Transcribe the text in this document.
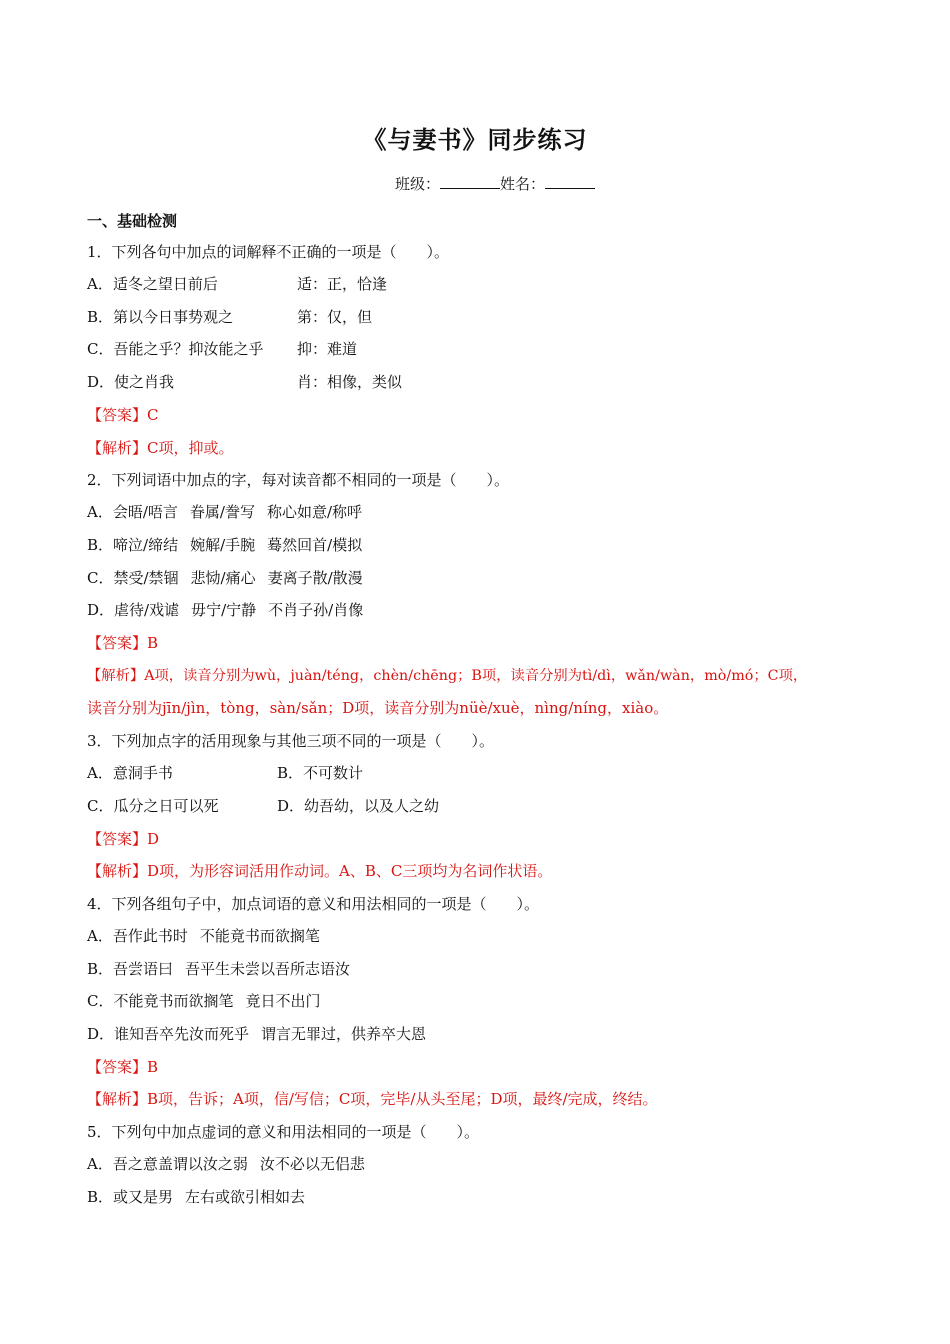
《与妻书》同步练习
班级：	姓名：
一、基础检测
1．下列各句中加点的词解释不正确的一项是（　　）。
A．适冬之望日前后	适：正，恰逢
B．第以今日事势观之	第：仅，但
C．吾能之乎？抑汝能之乎 抑：难道
D．使之肖我	肖：相像，类似
【答案】C
【解析】C项，抑或。
2．下列词语中加点的字，每对读音都不相同的一项是（　　）。
A．会晤/唔言 眷属/誊写 称心如意/称呼
B．啼泣/缔结 婉解/手腕 蓦然回首/模拟
C．禁受/禁锢 悲恸/痛心 妻离子散/散漫
D．虐待/戏谑 毋宁/宁静 不肖子孙/肖像
【答案】B
【解析】A项，读音分别为wù，juàn/téng，chèn/chēng；B项，读音分别为tì/dì，wǎn/wàn，mò/mó；C项，
读音分别为jīn/jìn，tòng，sàn/sǎn；D项，读音分别为nüè/xuè，nìng/níng，xiào。
3．下列加点字的活用现象与其他三项不同的一项是（　　）。
A．意洞手书	B．不可数计
C．瓜分之日可以死	D．幼吾幼，以及人之幼
【答案】D
【解析】D项，为形容词活用作动词。A、B、C三项均为名词作状语。
4．下列各组句子中，加点词语的意义和用法相同的一项是（　　）。
A．吾作此书时 不能竟书而欲搁笔
B．吾尝语曰 吾平生未尝以吾所志语汝
C．不能竟书而欲搁笔 竟日不出门
D．谁知吾卒先汝而死乎 谓言无罪过，供养卒大恩
【答案】B
【解析】B项，告诉；A项，信/写信；C项，完毕/从头至尾；D项，最终/完成，终结。
5．下列句中加点虚词的意义和用法相同的一项是（　　）。
A．吾之意盖谓以汝之弱 汝不必以无侣悲
B．或又是男 左右或欲引相如去
